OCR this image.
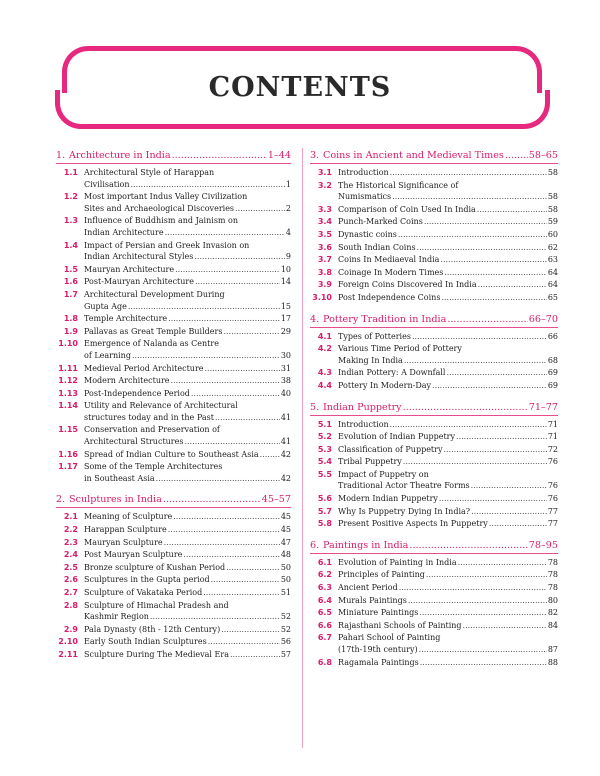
CONTENTS
1. Architecture in India .....	1–44
1.1 Architectural Style of Harappan
Civilisation .....	1
1.2 Most important Indus Valley Civilization
Sites and Archaeological Discoveries .....	2
1.3 Influence of Buddhism and Jainism on
Indian Architecture .....	4
1.4 Impact of Persian and Greek Invasion on
Indian Architectural Styles .....	9
1.5 Mauryan Architecture .....	10
1.6 Post-Mauryan Architecture .....	14
1.7 Architectural Development During
Gupta Age .....	15
1.8 Temple Architecture .....	17
1.9 Pallavas as Great Temple Builders .....	29
1.10 Emergence of Nalanda as Centre
of Learning .....	30
1.11 Medieval Period Architecture .....	31
1.12 Modern Architecture .....	38
1.13 Post-Independence Period .....	40
1.14 Utility and Relevance of Architectural
structures today and in the Past .....	41
1.15 Conservation and Preservation of
Architectural Structures .....	41
1.16 Spread of Indian Culture to Southeast Asia .....	42
1.17 Some of the Temple Architectures
in Southeast Asia .....	42
2. Sculptures in India .....	45–57
2.1 Meaning of Sculpture .....	45
2.2 Harappan Sculpture .....	45
2.3 Mauryan Sculpture .....	47
2.4 Post Mauryan Sculpture .....	48
2.5 Bronze sculpture of Kushan Period .....	50
2.6 Sculptures in the Gupta period .....	50
2.7 Sculpture of Vakataka Period .....	51
2.8 Sculpture of Himachal Pradesh and
Kashmir Region .....	52
2.9 Pala Dynasty (8th - 12th Century) .....	52
2.10 Early South Indian Sculptures .....	56
2.11 Sculpture During The Medieval Era .....	57
3. Coins in Ancient and Medieval Times .....	58–65
3.1 Introduction .....	58
3.2 The Historical Significance of
Numismatics .....	58
3.3 Comparison of Coin Used In India .....	58
3.4 Punch-Marked Coins .....	59
3.5 Dynastic coins .....	60
3.6 South Indian Coins .....	62
3.7 Coins In Mediaeval India .....	63
3.8 Coinage In Modern Times .....	64
3.9 Foreign Coins Discovered In India .....	64
3.10 Post Independence Coins .....	65
4. Pottery Tradition in India .....	66–70
4.1 Types of Potteries .....	66
4.2 Various Time Period of Pottery
Making In India .....	68
4.3 Indian Pottery: A Downfall .....	69
4.4 Pottery In Modern-Day .....	69
5. Indian Puppetry .....	71–77
5.1 Introduction .....	71
5.2 Evolution of Indian Puppetry .....	71
5.3 Classification of Puppetry .....	72
5.4 Tribal Puppetry .....	76
5.5 Impact of Puppetry on
Traditional Actor Theatre Forms .....	76
5.6 Modern Indian Puppetry .....	76
5.7 Why Is Puppetry Dying In India? .....	77
5.8 Present Positive Aspects In Puppetry .....	77
6. Paintings in India .....	78–95
6.1 Evolution of Painting in India .....	78
6.2 Principles of Painting .....	78
6.3 Ancient Period .....	78
6.4 Murals Paintings .....	80
6.5 Miniature Paintings .....	82
6.6 Rajasthani Schools of Painting .....	84
6.7 Pahari School of Painting
(17th-19th century) .....	87
6.8 Ragamala Paintings .....	88
